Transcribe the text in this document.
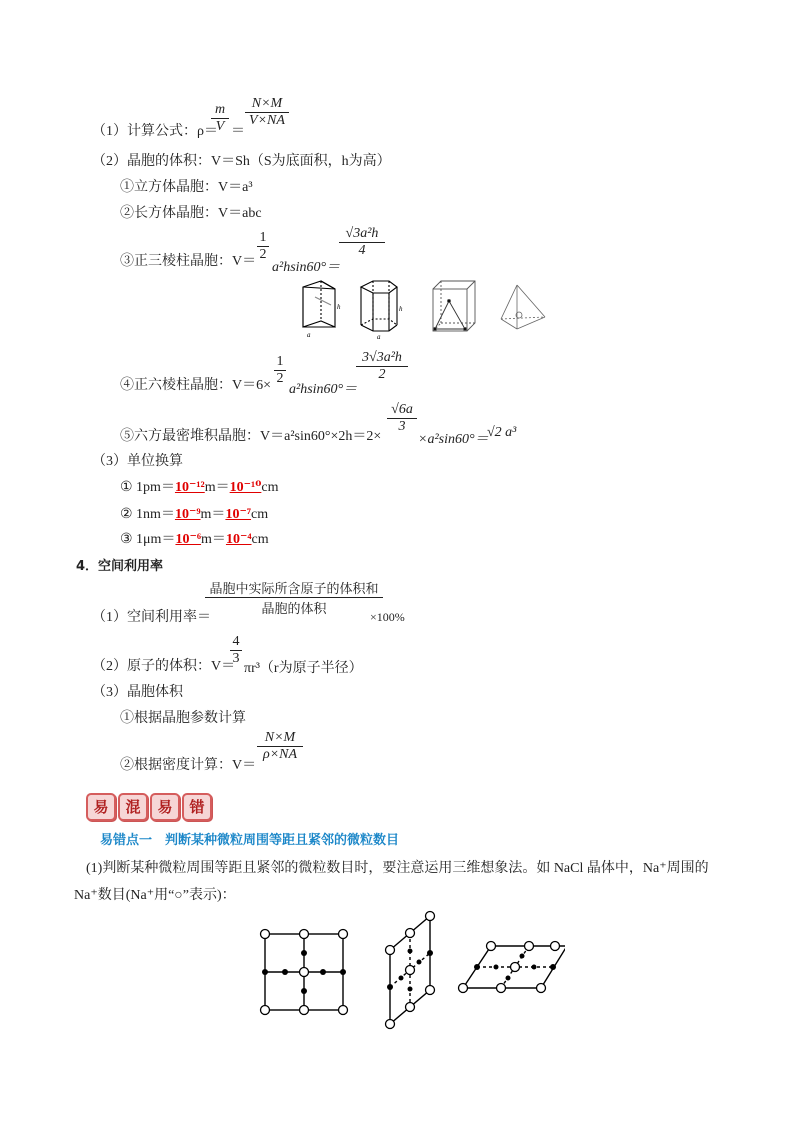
（1）计算公式：ρ＝
m
V ＝
N×M
V×NA
（2）晶胞的体积：V＝Sh（S为底面积，h为高）
①立方体晶胞：V＝a³
②长方体晶胞：V＝abc
③正三棱柱晶胞：V＝
1
2
a²hsin60°＝
√3a²h
4
a
h
a
h
④正六棱柱晶胞：V＝6×
1
2
a²hsin60°＝
3√3a²h
2
⑤六方最密堆积晶胞：V＝a²sin60°×2h＝2×
√6a
3
×a²sin60°＝
√2 a³
（3）单位换算
① 1pm＝10⁻¹²m＝10⁻¹⁰cm
② 1nm＝10⁻⁹m＝10⁻⁷cm
③ 1μm＝10⁻⁶m＝10⁻⁴cm
4．空间利用率
（1）空间利用率＝
晶胞中实际所含原子的体积和
晶胞的体积	×100%
（2）原子的体积：V＝
4
3
πr³（r为原子半径）
（3）晶胞体积
①根据晶胞参数计算
②根据密度计算：V＝
N×M
ρ×NA
易	混	易	错
易错点一　判断某种微粒周围等距且紧邻的微粒数目
(1)判断某种微粒周围等距且紧邻的微粒数目时，要注意运用三维想象法。如 NaCl 晶体中，Na⁺周围的
Na⁺数目(Na⁺用“○”表示)：
